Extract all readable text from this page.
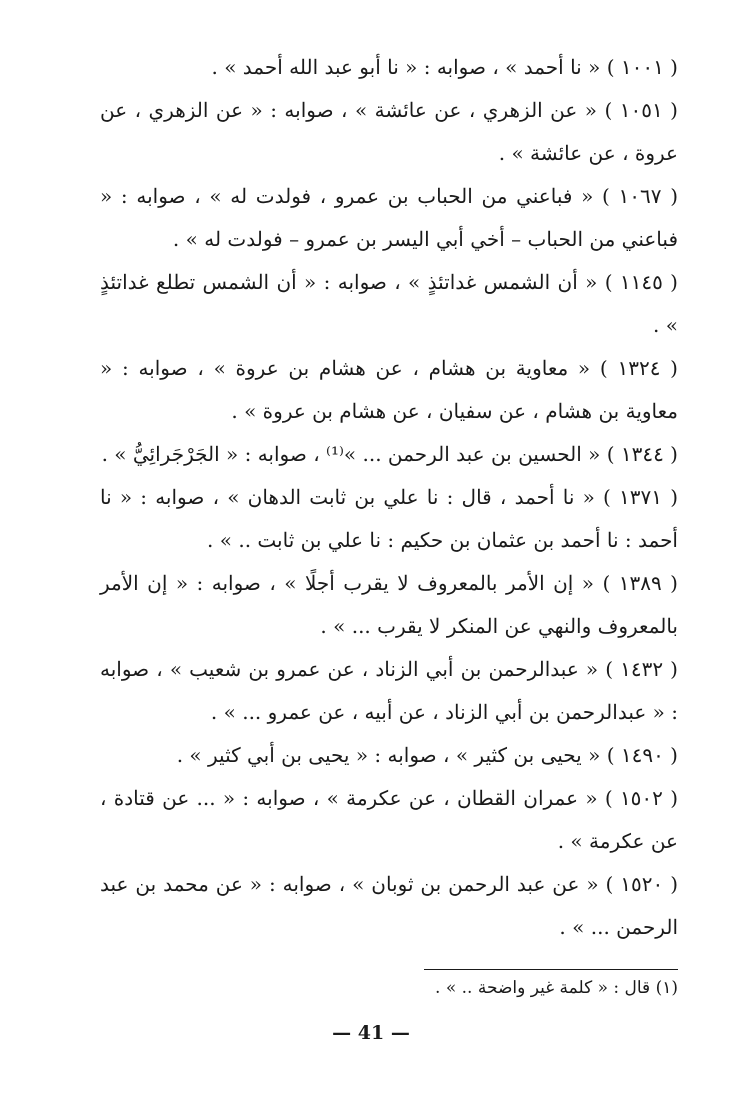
( ١٠٠١ ) « نا أحمد » ، صوابه : « نا أبو عبد الله أحمد » .

( ١٠٥١ ) « عن الزهري ، عن عائشة » ، صوابه : « عن الزهري ، عن عروة ، عن عائشة » .

( ١٠٦٧ ) « فباعني من الحباب بن عمرو ، فولدت له » ، صوابه : « فباعني من الحباب – أخي أبي اليسر بن عمرو – فولدت له » .

( ١١٤٥ ) « أن الشمس غداتئذٍ » ، صوابه : « أن الشمس تطلع غداتئذٍ » .

( ١٣٢٤ ) « معاوية بن هشام ، عن هشام بن عروة » ، صوابه : « معاوية بن هشام ، عن سفيان ، عن هشام بن عروة » .

( ١٣٤٤ ) « الحسين بن عبد الرحمن ... »⁽¹⁾ ، صوابه : « الجَرْجَرائِيُّ » .

( ١٣٧١ ) « نا أحمد ، قال : نا علي بن ثابت الدهان » ، صوابه : « نا أحمد : نا أحمد بن عثمان بن حكيم : نا علي بن ثابت .. » .

( ١٣٨٩ ) « إن الأمر بالمعروف لا يقرب أجلًا » ، صوابه : « إن الأمر بالمعروف والنهي عن المنكر لا يقرب ... » .

( ١٤٣٢ ) « عبدالرحمن بن أبي الزناد ، عن عمرو بن شعيب » ، صوابه : « عبدالرحمن بن أبي الزناد ، عن أبيه ، عن عمرو ... » .

( ١٤٩٠ ) « يحيى بن كثير » ، صوابه : « يحيى بن أبي كثير » .

( ١٥٠٢ ) « عمران القطان ، عن عكرمة » ، صوابه : « ... عن قتادة ، عن عكرمة » .

( ١٥٢٠ ) « عن عبد الرحمن بن ثوبان » ، صوابه : « عن محمد بن عبد الرحمن ... » .

(١) قال : « كلمة غير واضحة .. » .
— 41 —
